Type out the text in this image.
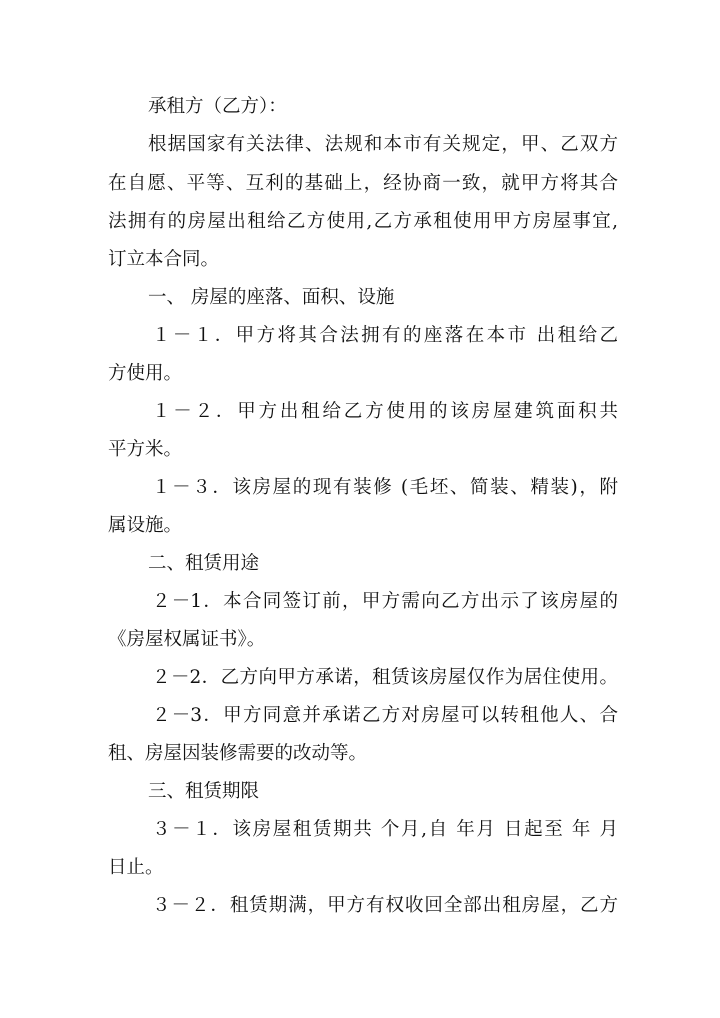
承租方（乙方）：
根据国家有关法律、法规和本市有关规定，甲、乙双方
在自愿、平等、互利的基础上，经协商一致，就甲方将其合
法拥有的房屋出租给乙方使用,乙方承租使用甲方房屋事宜,
订立本合同。
一、 房屋的座落、面积、设施
１－１．甲方将其合法拥有的座落在本市 出租给乙
方使用。
１－２．甲方出租给乙方使用的该房屋建筑面积共
平方米。
１－３．该房屋的现有装修 (毛坯、简装、精装)，附
属设施。
二、租赁用途
２－1．本合同签订前，甲方需向乙方出示了该房屋的
《房屋权属证书》。
２－2．乙方向甲方承诺，租赁该房屋仅作为居住使用。
２－3．甲方同意并承诺乙方对房屋可以转租他人、合
租、房屋因装修需要的改动等。
三、租赁期限
３－１．该房屋租赁期共 个月,自 年月 日起至 年 月
日止。
３－２．租赁期满，甲方有权收回全部出租房屋，乙方
